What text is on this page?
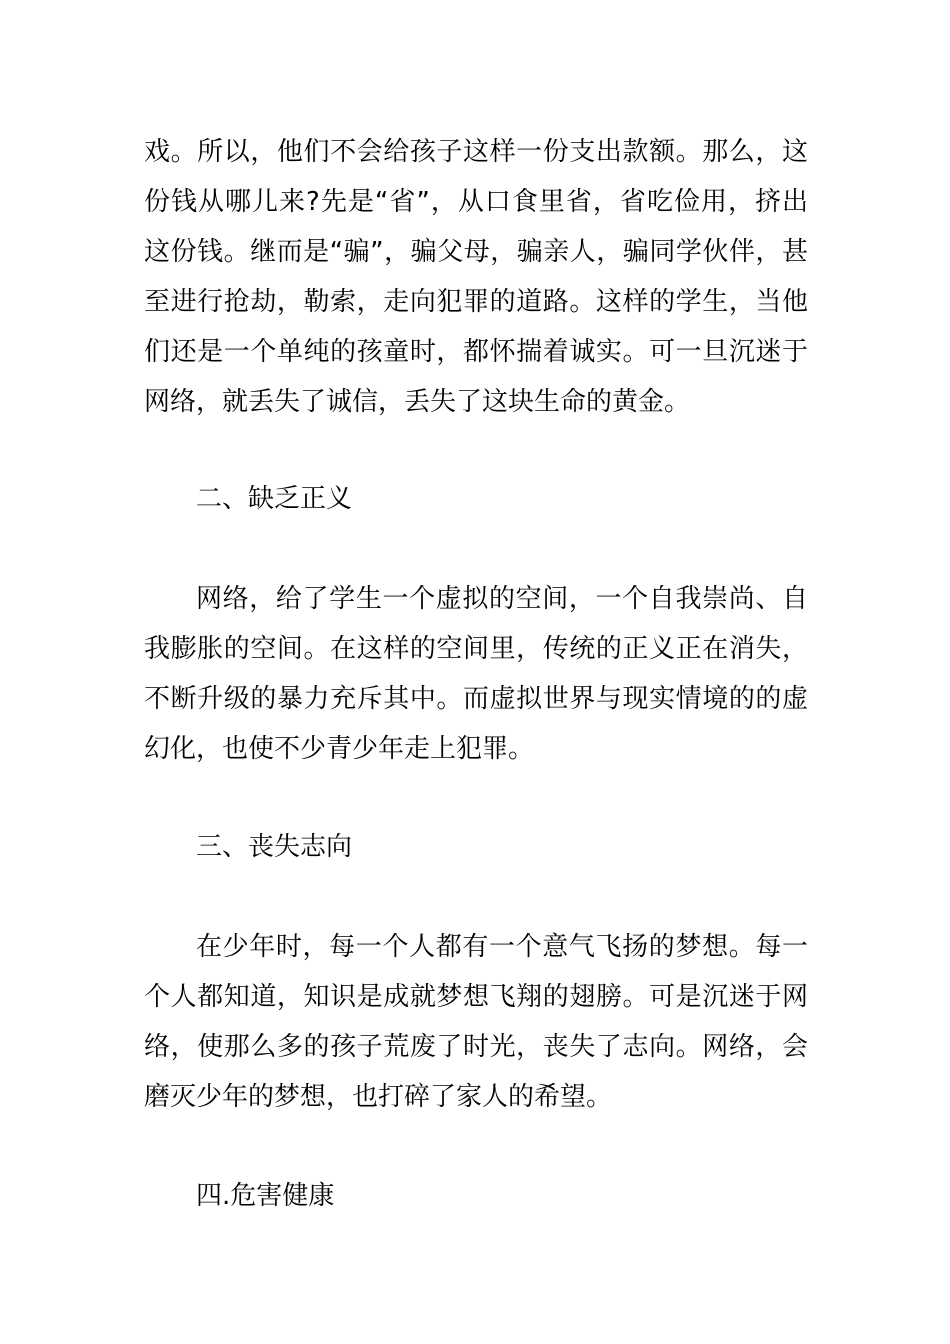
戏。所以，他们不会给孩子这样一份支出款额。那么，这份钱从哪儿来?先是“省”，从口食里省，省吃俭用，挤出这份钱。继而是“骗”，骗父母，骗亲人，骗同学伙伴，甚至进行抢劫，勒索，走向犯罪的道路。这样的学生，当他们还是一个单纯的孩童时，都怀揣着诚实。可一旦沉迷于网络，就丢失了诚信，丢失了这块生命的黄金。

二、缺乏正义

网络，给了学生一个虚拟的空间，一个自我崇尚、自我膨胀的空间。在这样的空间里，传统的正义正在消失，不断升级的暴力充斥其中。而虚拟世界与现实情境的的虚幻化，也使不少青少年走上犯罪。

三、丧失志向

在少年时，每一个人都有一个意气飞扬的梦想。每一个人都知道，知识是成就梦想飞翔的翅膀。可是沉迷于网络，使那么多的孩子荒废了时光，丧失了志向。网络，会磨灭少年的梦想，也打碎了家人的希望。

四.危害健康
